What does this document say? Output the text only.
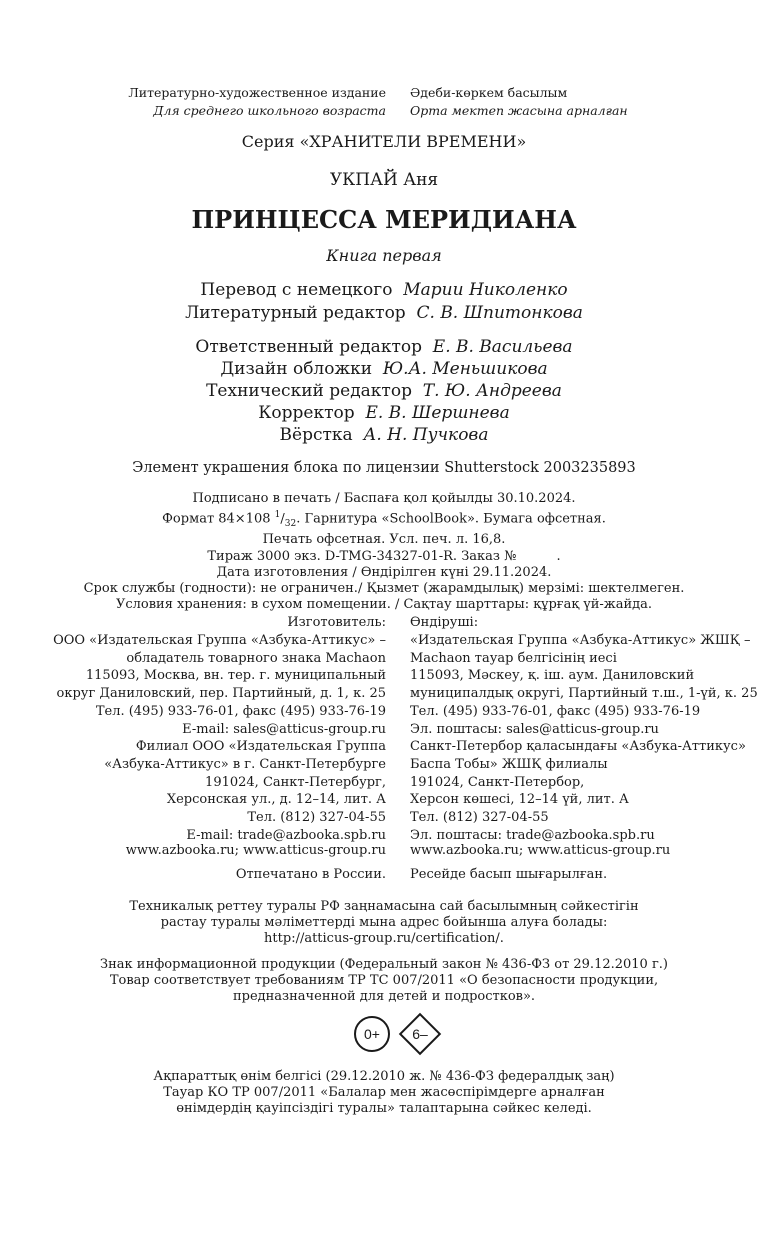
Литературно-художественное издание
Для среднего школьного возраста
Әдеби-көркем басылым
Орта мектеп жасына арналған
Серия «ХРАНИТЕЛИ ВРЕМЕНИ»
УКПАЙ Аня
ПРИНЦЕССА МЕРИДИАНА
Книга первая
Перевод с немецкого Марии Николенко
Литературный редактор С. В. Шпитонкова
Ответственный редактор Е. В. Васильева
Дизайн обложки Ю.А. Меньшикова
Технический редактор Т. Ю. Андреева
Корректор Е. В. Шершнева
Вёрстка А. Н. Пучкова
Элемент украшения блока по лицензии Shutterstock 2003235893
Подписано в печать / Баспаға қол қойылды 30.10.2024.
Формат 84×108 $^1/_{32}$. Гарнитура «SchoolBook». Бумага офсетная.
Печать офсетная. Усл. печ. л. 16,8.
Тираж 3000 экз. D-TMG-34327-01-R. Заказ №	.
Дата изготовления / Өндірілген күні 29.11.2024.
Срок службы (годности): не ограничен./ Қызмет (жарамдылық) мерзімі: шектелмеген.
Условия хранения: в сухом помещении. / Сақтау шарттары: құрғақ үй-жайда.
Изготовитель:
ООО «Издательская Группа «Азбука-Аттикус» –
обладатель товарного знака Machaon
115093, Москва, вн. тер. г. муниципальный
округ Даниловский, пер. Партийный, д. 1, к. 25
Тел. (495) 933-76-01, факс (495) 933-76-19
E-mail: sales@atticus-group.ru
Өндіруші:
«Издательская Группа «Азбука-Аттикус» ЖШҚ –
Machaon тауар белгісінің иесі
115093, Мәскеу, қ. іш. аум. Даниловский
муниципалдық округі, Партийный т.ш., 1-үй, к. 25
Тел. (495) 933-76-01, факс (495) 933-76-19
Эл. поштасы: sales@atticus-group.ru
Филиал ООО «Издательская Группа
«Азбука-Аттикус» в г. Санкт-Петербурге
191024, Санкт-Петербург,
Херсонская ул., д. 12–14, лит. А
Тел. (812) 327-04-55
E-mail: trade@azbooka.spb.ru
Санкт-Петербор қаласындағы «Азбука-Аттикус»
Баспа Тобы» ЖШҚ филиалы
191024, Санкт-Петербор,
Херсон көшесі, 12–14 үй, лит. А
Тел. (812) 327-04-55
Эл. поштасы: trade@azbooka.spb.ru
www.azbooka.ru; www.atticus-group.ru www.azbooka.ru; www.atticus-group.ru
Отпечатано в России. Ресейде басып шығарылған.
Техникалық реттеу туралы РФ заңнамасына сай басылымның сәйкестігін
растау туралы мәліметтерді мына адрес бойынша алуға болады:
http://atticus-group.ru/certification/.
Знак информационной продукции (Федеральный закон № 436-ФЗ от 29.12.2010 г.)
Товар соответствует требованиям ТР ТС 007/2011 «О безопасности продукции,
предназначенной для детей и подростков».
0+	6–
Ақпараттық өнім белгісі (29.12.2010 ж. № 436-ФЗ федералдық заң)
Тауар КО ТР 007/2011 «Балалар мен жасөспірімдерге арналған
өнімдердің қауіпсіздігі туралы» талаптарына сәйкес келеді.
